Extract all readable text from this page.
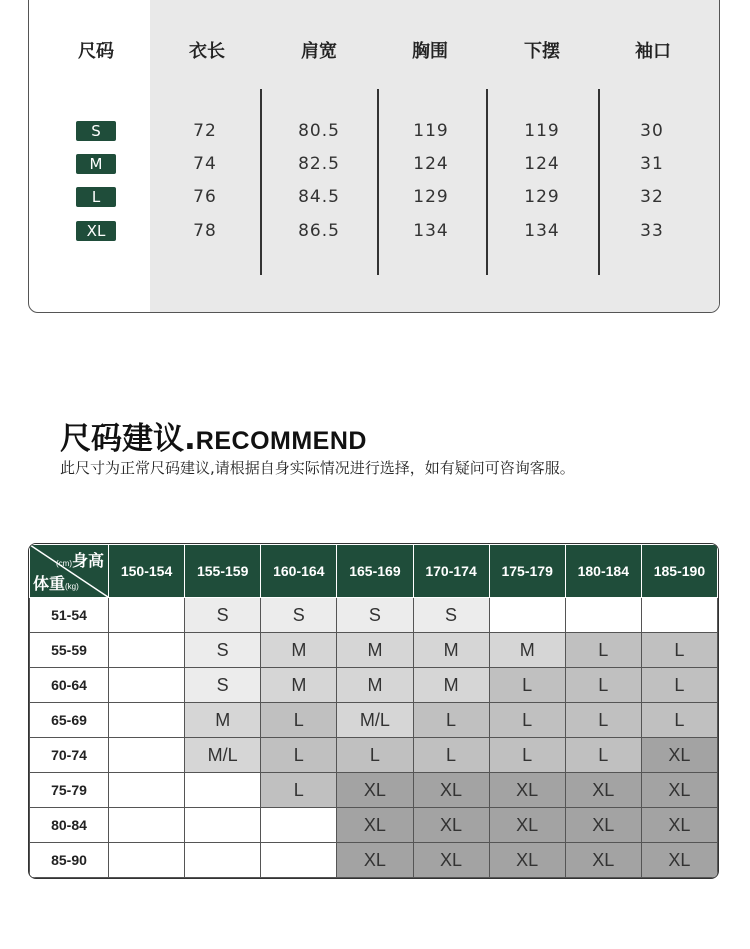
尺码	衣长	肩宽	胸围	下摆	袖口
S	72	80.5	119	119	30
M	74	82.5	124	124	31
L	76	84.5	129	129	32
XL	78	86.5	134	134	33
尺码建议.RECOMMEND
此尺寸为正常尺码建议,请根据自身实际情况进行选择，如有疑问可咨询客服。
(cm)身高
体重(kg)	150-154	155-159	160-164	165-169	170-174	175-179	180-184	185-190
51-54		S	S	S	S			
55-59		S	M	M	M	M	L	L
60-64		S	M	M	M	L	L	L
65-69		M	L	M/L	L	L	L	L
70-74		M/L	L	L	L	L	L	XL
75-79			L	XL	XL	XL	XL	XL
80-84				XL	XL	XL	XL	XL
85-90				XL	XL	XL	XL	XL
